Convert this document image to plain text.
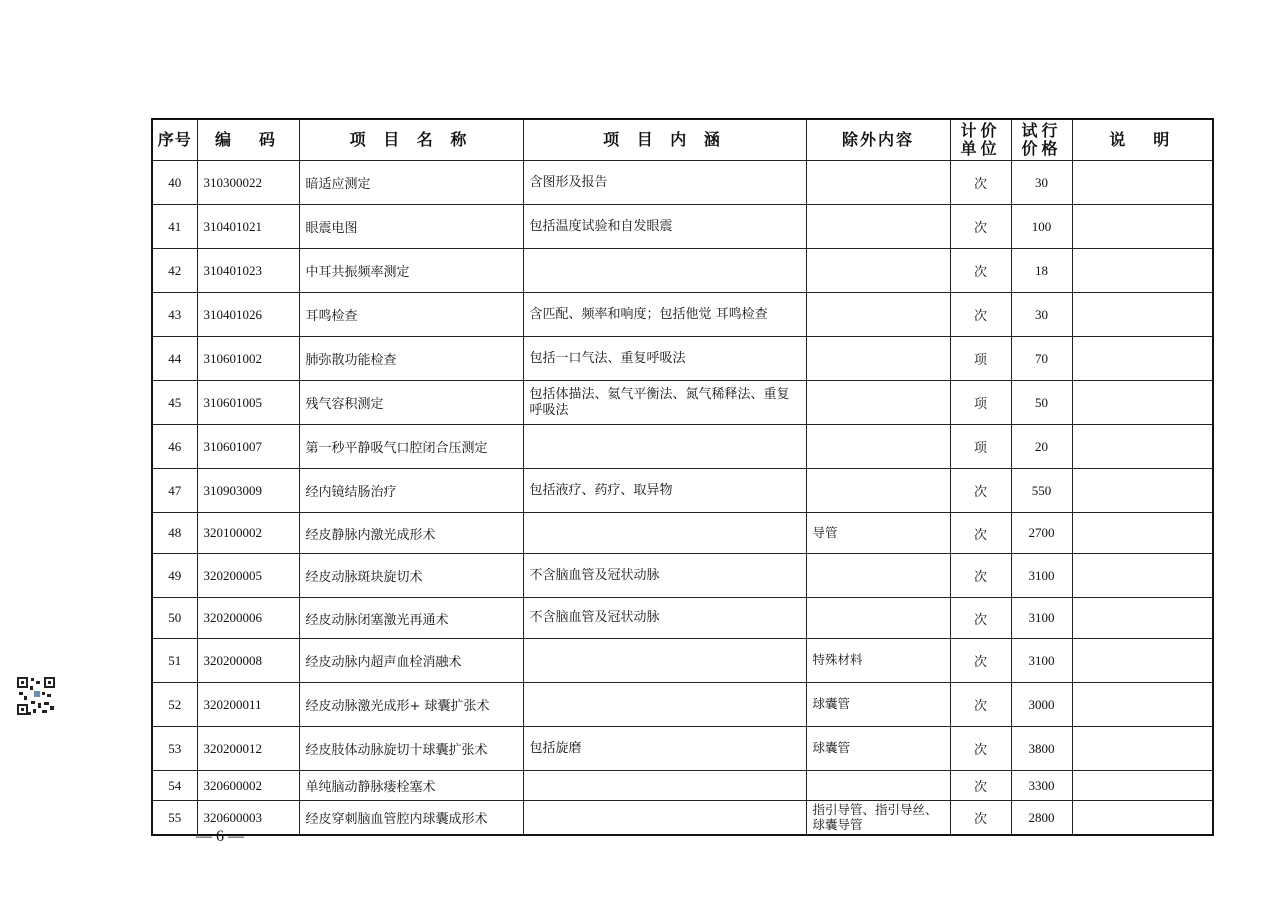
序号	编　码	项 目 名 称	项 目 内 涵	除外内容	计价单位	试行价格	说　明
40	310300022	暗适应测定	含图形及报告		次	30	
41	310401021	眼震电图	包括温度试验和自发眼震		次	100	
42	310401023	中耳共振频率测定			次	18	
43	310401026	耳鸣检查	含匹配、频率和响度；包括他觉 耳鸣检查		次	30	
44	310601002	肺弥散功能检查	包括一口气法、重复呼吸法		项	70	
45	310601005	残气容积测定	包括体描法、氦气平衡法、氮气稀释法、重复呼吸法		项	50	
46	310601007	第一秒平静吸气口腔闭合压测定			项	20	
47	310903009	经内镜结肠治疗	包括液疗、药疗、取异物		次	550	
48	320100002	经皮静脉内激光成形术		导管	次	2700	
49	320200005	经皮动脉斑块旋切术	不含脑血管及冠状动脉		次	3100	
50	320200006	经皮动脉闭塞激光再通术	不含脑血管及冠状动脉		次	3100	
51	320200008	经皮动脉内超声血栓消融术		特殊材料	次	3100	
52	320200011	经皮动脉激光成形+ 球囊扩张术		球囊管	次	3000	
53	320200012	经皮肢体动脉旋切十球囊扩张术	包括旋磨	球囊管	次	3800	
54	320600002	单纯脑动静脉瘘栓塞术			次	3300	
55	320600003	经皮穿刺脑血管腔内球囊成形术		指引导管、指引导丝、球囊导管	次	2800	
— 6 —
